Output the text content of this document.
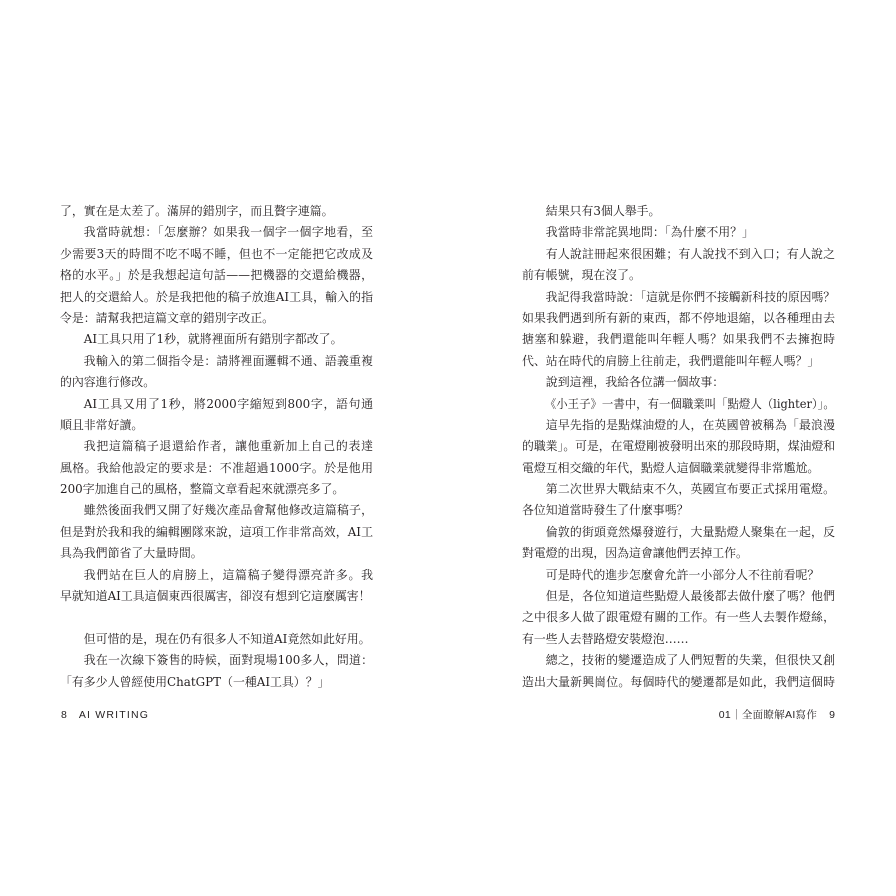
了，實在是太差了。滿屏的錯別字，而且贅字連篇。
我當時就想：「怎麼辦？如果我一個字一個字地看，至
少需要3天的時間不吃不喝不睡，但也不一定能把它改成及
格的水平。」於是我想起這句話——把機器的交還給機器，
把人的交還給人。於是我把他的稿子放進AI工具，輸入的指
令是：請幫我把這篇文章的錯別字改正。
AI工具只用了1秒，就將裡面所有錯別字都改了。
我輸入的第二個指令是：請將裡面邏輯不通、語義重複
的內容進行修改。
AI工具又用了1秒，將2000字縮短到800字，語句通
順且非常好讀。
我把這篇稿子退還給作者，讓他重新加上自己的表達
風格。我給他設定的要求是：不准超過1000字。於是他用
200字加進自己的風格，整篇文章看起來就漂亮多了。
雖然後面我們又開了好幾次產品會幫他修改這篇稿子，
但是對於我和我的編輯團隊來說，這項工作非常高效，AI工
具為我們節省了大量時間。
我們站在巨人的肩膀上，這篇稿子變得漂亮許多。我
早就知道AI工具這個東西很厲害，卻沒有想到它這麼厲害！
但可惜的是，現在仍有很多人不知道AI竟然如此好用。
我在一次線下簽售的時候，面對現場100多人，問道：
「有多少人曾經使用ChatGPT（一種AI工具）？」
結果只有3個人舉手。
我當時非常詫異地問：「為什麼不用？」
有人說註冊起來很困難；有人說找不到入口；有人說之
前有帳號，現在沒了。
我記得我當時說：「這就是你們不接觸新科技的原因嗎？
如果我們遇到所有新的東西，都不停地退縮，以各種理由去
搪塞和躲避，我們還能叫年輕人嗎？如果我們不去擁抱時
代、站在時代的肩膀上往前走，我們還能叫年輕人嗎？」
說到這裡，我給各位講一個故事：
《小王子》一書中，有一個職業叫「點燈人（lighter）」。
這早先指的是點煤油燈的人，在英國曾被稱為「最浪漫
的職業」。可是，在電燈剛被發明出來的那段時期，煤油燈和
電燈互相交織的年代，點燈人這個職業就變得非常尷尬。
第二次世界大戰結束不久，英國宣布要正式採用電燈。
各位知道當時發生了什麼事嗎？
倫敦的街頭竟然爆發遊行，大量點燈人聚集在一起，反
對電燈的出現，因為這會讓他們丟掉工作。
可是時代的進步怎麼會允許一小部分人不往前看呢？
但是，各位知道這些點燈人最後都去做什麼了嗎？他們
之中很多人做了跟電燈有關的工作。有一些人去製作燈絲，
有一些人去替路燈安裝燈泡……
總之，技術的變遷造成了人們短暫的失業，但很快又創
造出大量新興崗位。每個時代的變遷都是如此，我們這個時
8 AI WRITING	01｜全面瞭解AI寫作 9
